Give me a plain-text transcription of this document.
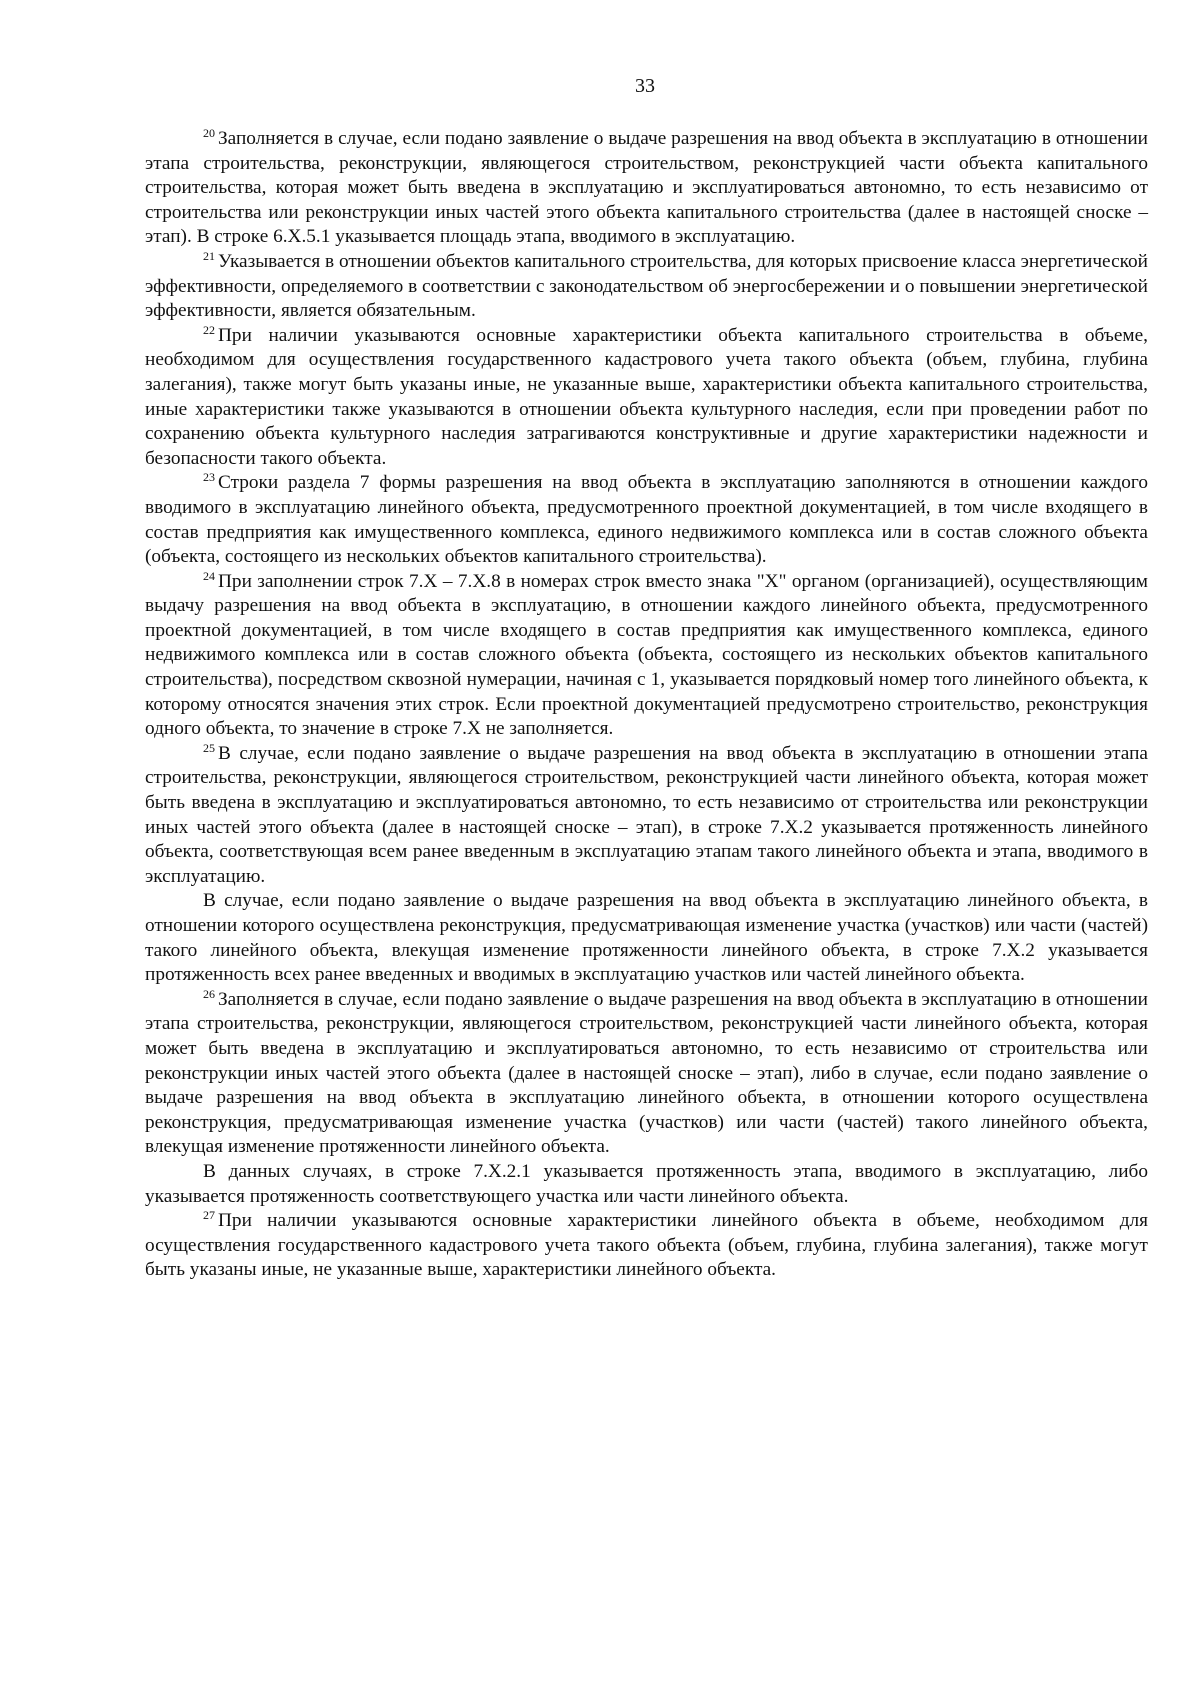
33

$^{20}$ Заполняется в случае, если подано заявление о выдаче разрешения на ввод объекта в эксплуатацию в отношении этапа строительства, реконструкции, являющегося строительством, реконструкцией части объекта капитального строительства, которая может быть введена в эксплуатацию и эксплуатироваться автономно, то есть независимо от строительства или реконструкции иных частей этого объекта капитального строительства (далее в настоящей сноске – этап). В строке 6.X.5.1 указывается площадь этапа, вводимого в эксплуатацию.

$^{21}$ Указывается в отношении объектов капитального строительства, для которых присвоение класса энергетической эффективности, определяемого в соответствии с законодательством об энергосбережении и о повышении энергетической эффективности, является обязательным.

$^{22}$ При наличии указываются основные характеристики объекта капитального строительства в объеме, необходимом для осуществления государственного кадастрового учета такого объекта (объем, глубина, глубина залегания), также могут быть указаны иные, не указанные выше, характеристики объекта капитального строительства, иные характеристики также указываются в отношении объекта культурного наследия, если при проведении работ по сохранению объекта культурного наследия затрагиваются конструктивные и другие характеристики надежности и безопасности такого объекта.

$^{23}$ Строки раздела 7 формы разрешения на ввод объекта в эксплуатацию заполняются в отношении каждого вводимого в эксплуатацию линейного объекта, предусмотренного проектной документацией, в том числе входящего в состав предприятия как имущественного комплекса, единого недвижимого комплекса или в состав сложного объекта (объекта, состоящего из нескольких объектов капитального строительства).

$^{24}$ При заполнении строк 7.X – 7.X.8 в номерах строк вместо знака "X" органом (организацией), осуществляющим выдачу разрешения на ввод объекта в эксплуатацию, в отношении каждого линейного объекта, предусмотренного проектной документацией, в том числе входящего в состав предприятия как имущественного комплекса, единого недвижимого комплекса или в состав сложного объекта (объекта, состоящего из нескольких объектов капитального строительства), посредством сквозной нумерации, начиная с 1, указывается порядковый номер того линейного объекта, к которому относятся значения этих строк. Если проектной документацией предусмотрено строительство, реконструкция одного объекта, то значение в строке 7.X не заполняется.

$^{25}$ В случае, если подано заявление о выдаче разрешения на ввод объекта в эксплуатацию в отношении этапа строительства, реконструкции, являющегося строительством, реконструкцией части линейного объекта, которая может быть введена в эксплуатацию и эксплуатироваться автономно, то есть независимо от строительства или реконструкции иных частей этого объекта (далее в настоящей сноске – этап), в строке 7.X.2 указывается протяженность линейного объекта, соответствующая всем ранее введенным в эксплуатацию этапам такого линейного объекта и этапа, вводимого в эксплуатацию.

В случае, если подано заявление о выдаче разрешения на ввод объекта в эксплуатацию линейного объекта, в отношении которого осуществлена реконструкция, предусматривающая изменение участка (участков) или части (частей) такого линейного объекта, влекущая изменение протяженности линейного объекта, в строке 7.X.2 указывается протяженность всех ранее введенных и вводимых в эксплуатацию участков или частей линейного объекта.

$^{26}$ Заполняется в случае, если подано заявление о выдаче разрешения на ввод объекта в эксплуатацию в отношении этапа строительства, реконструкции, являющегося строительством, реконструкцией части линейного объекта, которая может быть введена в эксплуатацию и эксплуатироваться автономно, то есть независимо от строительства или реконструкции иных частей этого объекта (далее в настоящей сноске – этап), либо в случае, если подано заявление о выдаче разрешения на ввод объекта в эксплуатацию линейного объекта, в отношении которого осуществлена реконструкция, предусматривающая изменение участка (участков) или части (частей) такого линейного объекта, влекущая изменение протяженности линейного объекта.

В данных случаях, в строке 7.X.2.1 указывается протяженность этапа, вводимого в эксплуатацию, либо указывается протяженность соответствующего участка или части линейного объекта.

$^{27}$ При наличии указываются основные характеристики линейного объекта в объеме, необходимом для осуществления государственного кадастрового учета такого объекта (объем, глубина, глубина залегания), также могут быть указаны иные, не указанные выше, характеристики линейного объекта.
